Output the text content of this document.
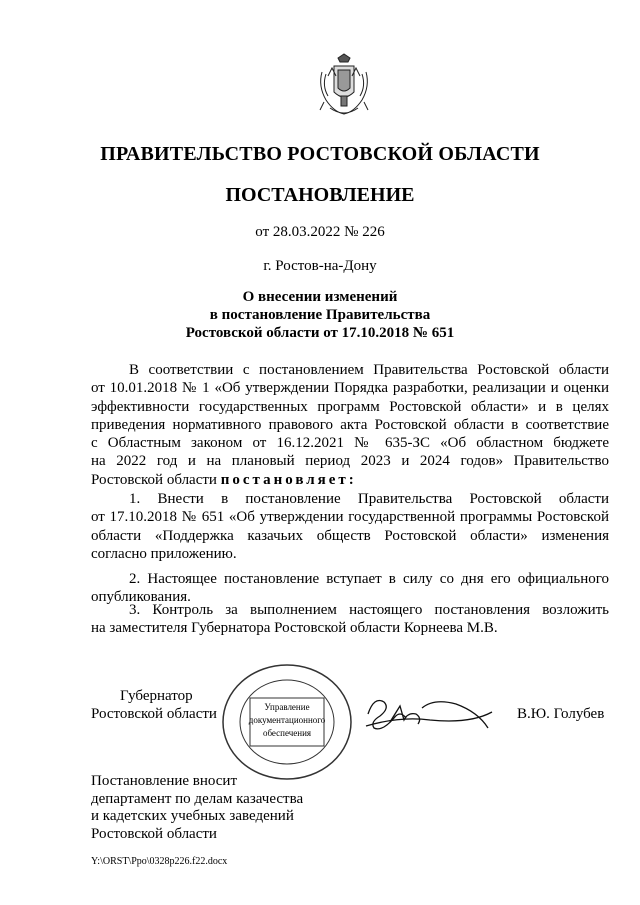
ПРАВИТЕЛЬСТВО РОСТОВСКОЙ ОБЛАСТИ
ПОСТАНОВЛЕНИЕ
от 28.03.2022 № 226
г. Ростов-на-Дону
О внесении изменений
в постановление Правительства
Ростовской области от 17.10.2018 № 651
В соответствии с постановлением Правительства Ростовской области
от 10.01.2018 № 1 «Об утверждении Порядка разработки, реализации и оценки
эффективности государственных программ Ростовской области» и в целях
приведения нормативного правового акта Ростовской области в соответствие
с Областным законом от 16.12.2021 № 635-ЗС «Об областном бюджете
на 2022 год и на плановый период 2023 и 2024 годов» Правительство
Ростовской области постановляет:
1. Внести в постановление Правительства Ростовской области
от 17.10.2018 № 651 «Об утверждении государственной программы Ростовской
области «Поддержка казачьих обществ Ростовской области» изменения
согласно приложению.
2. Настоящее постановление вступает в силу со дня его официального
опубликования.
3. Контроль за выполнением настоящего постановления возложить
на заместителя Губернатора Ростовской области Корнеева М.В.
Губернатор
Ростовской области	Управление
документационного
обеспечения
В.Ю. Голубев
Постановление вносит
департамент по делам казачества
и кадетских учебных заведений
Ростовской области
Y:\ORST\Ppo\0328p226.f22.docx
